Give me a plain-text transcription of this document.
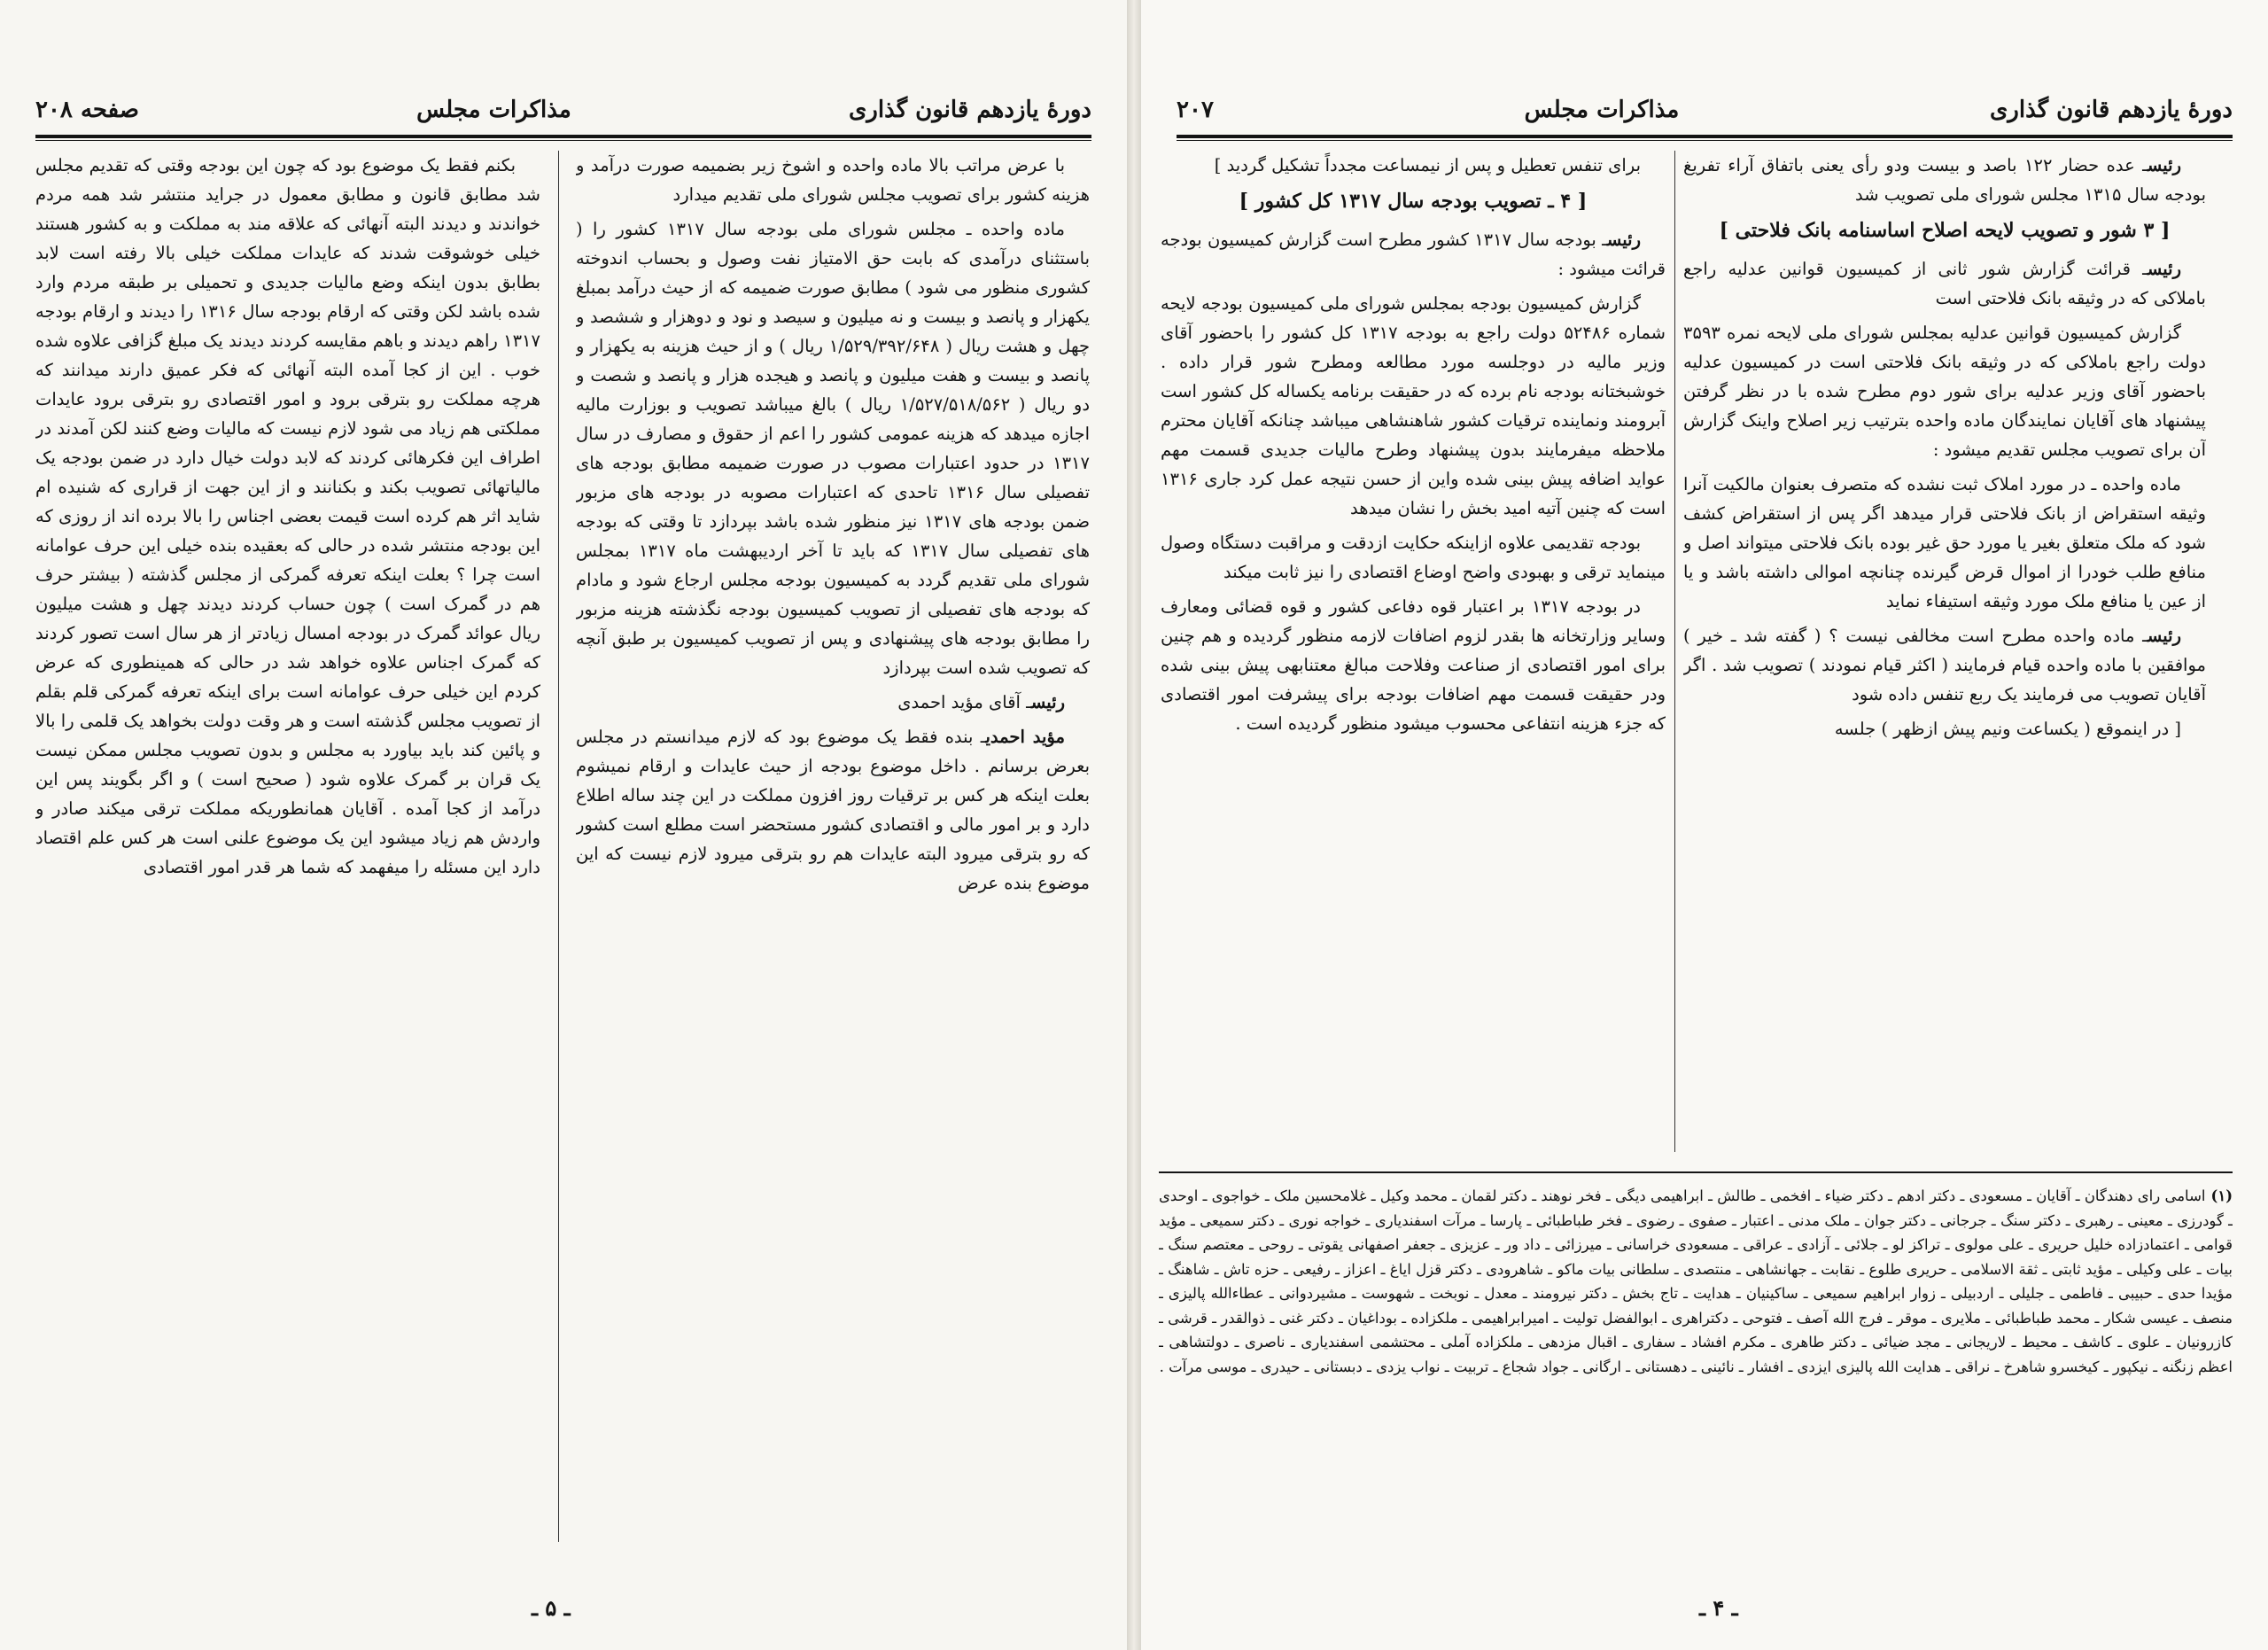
دورهٔ یازدهم قانون گذاری
مذاکرات مجلس
صفحه ۲۰۸

با عرض مراتب بالا ماده واحده و اشوخ زیر بضمیمه صورت درآمد و هزینه کشور برای تصویب مجلس شورای ملی تقدیم میدارد

ماده واحده ـ مجلس شورای ملی بودجه سال ۱۳۱۷ کشور را ( باستثنای درآمدی که بابت حق الامتیاز نفت وصول و بحساب اندوخته کشوری منظور می شود ) مطابق صورت ضمیمه که از حیث درآمد بمبلغ یکهزار و پانصد و بیست و نه میلیون و سیصد و نود و دوهزار و ششصد و چهل و هشت ریال ( ۱/۵۲۹/۳۹۲/۶۴۸ ریال ) و از حیث هزینه به یکهزار و پانصد و بیست و هفت میلیون و پانصد و هیجده هزار و پانصد و شصت و دو ریال ( ۱/۵۲۷/۵۱۸/۵۶۲ ریال ) بالغ میباشد تصویب و بوزارت مالیه اجازه میدهد که هزینه عمومی کشور را اعم از حقوق و مصارف در سال ۱۳۱۷ در حدود اعتبارات مصوب در صورت ضمیمه مطابق بودجه های تفصیلی سال ۱۳۱۶ تاحدی که اعتبارات مصوبه در بودجه های مزبور ضمن بودجه های ۱۳۱۷ نیز منظور شده باشد بپردازد تا وقتی که بودجه های تفصیلی سال ۱۳۱۷ که باید تا آخر اردیبهشت ماه ۱۳۱۷ بمجلس شورای ملی تقدیم گردد به کمیسیون بودجه مجلس ارجاع شود و مادام که بودجه های تفصیلی از تصویب کمیسیون بودجه نگذشته هزینه مزبور را مطابق بودجه های پیشنهادی و پس از تصویب کمیسیون بر طبق آنچه که تصویب شده است بپردازد

رئیسـ آقای مؤید احمدی

مؤید احمدیـ بنده فقط یک موضوع بود که لازم میدانستم در مجلس بعرض برسانم . داخل موضوع بودجه از حیث عایدات و ارقام نمیشوم بعلت اینکه هر کس بر ترقیات روز افزون مملکت در این چند ساله اطلاع دارد و بر امور مالی و اقتصادی کشور مستحضر است مطلع است کشور که رو بترقی میرود البته عایدات هم رو بترقی میرود لازم نیست که این موضوع بنده عرض

بکنم فقط یک موضوع بود که چون این بودجه وقتی که تقدیم مجلس شد مطابق قانون و مطابق معمول در جراید منتشر شد همه مردم خواندند و دیدند البته آنهائی که علاقه مند به مملکت و به کشور هستند خیلی خوشوقت شدند که عایدات مملکت خیلی بالا رفته است لابد بطابق بدون اینکه وضع مالیات جدیدی و تحمیلی بر طبقه مردم وارد شده باشد لکن وقتی که ارقام بودجه سال ۱۳۱۶ را دیدند و ارقام بودجه ۱۳۱۷ راهم دیدند و باهم مقایسه کردند دیدند یک مبلغ گزافی علاوه شده خوب . این از کجا آمده البته آنهائی که فکر عمیق دارند میدانند که هرچه مملکت رو بترقی برود و امور اقتصادی رو بترقی برود عایدات مملکتی هم زیاد می شود لازم نیست که مالیات وضع کنند لکن آمدند در اطراف این فکرهائی کردند که لابد دولت خیال دارد در ضمن بودجه یک مالیاتهائی تصویب بکند و بکنانند و از این جهت از قراری که شنیده ام شاید اثر هم کرده است قیمت بعضی اجناس را بالا برده اند از روزی که این بودجه منتشر شده در حالی که بعقیده بنده خیلی این حرف عوامانه است چرا ؟ بعلت اینکه تعرفه گمرکی از مجلس گذشته ( بیشتر حرف هم در گمرک است ) چون حساب کردند دیدند چهل و هشت میلیون ریال عوائد گمرک در بودجه امسال زیادتر از هر سال است تصور کردند که گمرک اجناس علاوه خواهد شد در حالی که همینطوری که عرض کردم این خیلی حرف عوامانه است برای اینکه تعرفه گمرکی قلم بقلم از تصویب مجلس گذشته است و هر وقت دولت بخواهد یک قلمی را بالا و پائین کند باید بیاورد به مجلس و بدون تصویب مجلس ممکن نیست یک قران بر گمرک علاوه شود ( صحیح است ) و اگر بگویند پس این درآمد از کجا آمده . آقایان همانطوریکه مملکت ترقی میکند صادر و واردش هم زیاد میشود این یک موضوع علنی است هر کس علم اقتصاد دارد این مسئله را میفهمد که شما هر قدر امور اقتصادی

ـ ۵ ـ
دورهٔ یازدهم قانون گذاری
مذاکرات مجلس
۲۰۷

رئیسـ عده حضار ۱۲۲ باصد و بیست ودو رأی یعنی باتفاق آراء تفریغ بودجه سال ۱۳۱۵ مجلس شورای ملی تصویب شد

[ ۳ شور و تصویب لایحه اصلاح اساسنامه بانک فلاحتی ]

رئیسـ قرائت گزارش شور ثانی از کمیسیون قوانین عدلیه راجع باملاکی که در وثیقه بانک فلاحتی است

گزارش کمیسیون قوانین عدلیه بمجلس شورای ملی لایحه نمره ۳۵۹۳ دولت راجع باملاکی که در وثیقه بانک فلاحتی است در کمیسیون عدلیه باحضور آقای وزیر عدلیه برای شور دوم مطرح شده با در نظر گرفتن پیشنهاد های آقایان نمایندگان ماده واحده بترتیب زیر اصلاح واینک گزارش آن برای تصویب مجلس تقدیم میشود :

ماده واحده ـ در مورد املاک ثبت نشده که متصرف بعنوان مالکیت آنرا وثیقه استقراض از بانک فلاحتی قرار میدهد اگر پس از استقراض کشف شود که ملک متعلق بغیر یا مورد حق غیر بوده بانک فلاحتی میتواند اصل و منافع طلب خودرا از اموال قرض گیرنده چنانچه اموالی داشته باشد و یا از عین یا منافع ملک مورد وثیقه استیفاء نماید

رئیسـ ماده واحده مطرح است مخالفی نیست ؟ ( گفته شد ـ خیر ) موافقین با ماده واحده قیام فرمایند ( اکثر قیام نمودند ) تصویب شد . اگر آقایان تصویب می فرمایند یک ربع تنفس داده شود

[ در اینموقع ( یکساعت ونیم پیش ازظهر ) جلسه

برای تنفس تعطیل و پس از نیمساعت مجدداً تشکیل گردید ]

[ ۴ ـ تصویب بودجه سال ۱۳۱۷ کل کشور ]

رئیسـ بودجه سال ۱۳۱۷ کشور مطرح است گزارش کمیسیون بودجه قرائت میشود :

گزارش کمیسیون بودجه بمجلس شورای ملی کمیسیون بودجه لایحه شماره ۵۲۴۸۶ دولت راجع به بودجه ۱۳۱۷ کل کشور را باحضور آقای وزیر مالیه در دوجلسه مورد مطالعه ومطرح شور قرار داده . خوشبختانه بودجه نام برده که در حقیقت برنامه یکساله کل کشور است آبرومند ونماینده ترقیات کشور شاهنشاهی میباشد چنانکه آقایان محترم ملاحظه میفرمایند بدون پیشنهاد وطرح مالیات جدیدی قسمت مهم عواید اضافه پیش بینی شده واین از حسن نتیجه عمل کرد جاری ۱۳۱۶ است که چنین آتیه امید بخش را نشان میدهد

بودجه تقدیمی علاوه ازاینکه حکایت ازدقت و مراقبت دستگاه وصول مینماید ترقی و بهبودی واضح اوضاع اقتصادی را نیز ثابت میکند

در بودجه ۱۳۱۷ بر اعتبار قوه دفاعی کشور و قوه قضائی ومعارف وسایر وزارتخانه ها بقدر لزوم اضافات لازمه منظور گردیده و هم چنین برای امور اقتصادی از صناعت وفلاحت مبالغ معتنابهی پیش بینی شده ودر حقیقت قسمت مهم اضافات بودجه برای پیشرفت امور اقتصادی که جزء هزینه انتفاعی محسوب میشود منظور گردیده است .

(۱)اسامی رای دهندگان ـ آقایان ـ مسعودی ـ دکتر ادهم ـ دکتر ضیاء ـ افخمی ـ طالش ـ ابراهیمی دیگی ـ فخر نوهند ـ دکتر لقمان ـ محمد وکیل ـ غلامحسین ملک ـ خواجوی ـ اوحدی ـ گودرزی ـ معینی ـ رهبری ـ دکتر سنگ ـ جرجانی ـ دکتر جوان ـ ملک مدنی ـ اعتبار ـ صفوی ـ رضوی ـ فخر طباطبائی ـ پارسا ـ مرآت اسفندیاری ـ خواجه نوری ـ دکتر سمیعی ـ مؤید قوامی ـ اعتمادزاده خلیل حریری ـ علی مولوی ـ تراکز لو ـ جلائی ـ آزادی ـ عراقی ـ مسعودی خراسانی ـ میرزائی ـ داد ور ـ عزیزی ـ جعفر اصفهانی یقوتی ـ روحی ـ معتصم سنگ ـ بیات ـ علی وکیلی ـ مؤید ثابتی ـ ثقة الاسلامی ـ حریری طلوع ـ نقابت ـ جهانشاهی ـ منتصدی ـ سلطانی بیات ماکو ـ شاهرودی ـ دکتر قزل ایاغ ـ اعزاز ـ رفیعی ـ حزه تاش ـ شاهنگ ـ مؤیدا حدی ـ حبیبی ـ فاطمی ـ جلیلی ـ اردبیلی ـ زوار ابراهیم سمیعی ـ ساکینیان ـ هدایت ـ تاج بخش ـ دکتر نیرومند ـ معدل ـ نوبخت ـ شهوست ـ مشیردوانی ـ عطاءالله پالیزی ـ منصف ـ عیسی شکار ـ محمد طباطبائی ـ ملایری ـ موقر ـ فرج الله آصف ـ فتوحی ـ دکتراهری ـ ابوالفضل تولیت ـ امیرابراهیمی ـ ملکزاده ـ بوداغیان ـ دکتر غنی ـ ذوالقدر ـ قرشی ـ کازرونیان ـ علوی ـ کاشف ـ محیط ـ لاریجانی ـ مجد ضیائی ـ دکتر طاهری ـ مکرم افشاد ـ سفاری ـ اقبال مزدهی ـ ملکزاده آملی ـ محتشمی اسفندیاری ـ ناصری ـ دولتشاهی ـ اعظم زنگنه ـ نیکپور ـ کیخسرو شاهرخ ـ نراقی ـ هدایت الله پالیزی ایزدی ـ افشار ـ نائینی ـ دهستانی ـ ارگانی ـ جواد شجاع ـ تربیت ـ نواب یزدی ـ دبستانی ـ حیدری ـ موسی مرآت .
ـ ۴ ـ
